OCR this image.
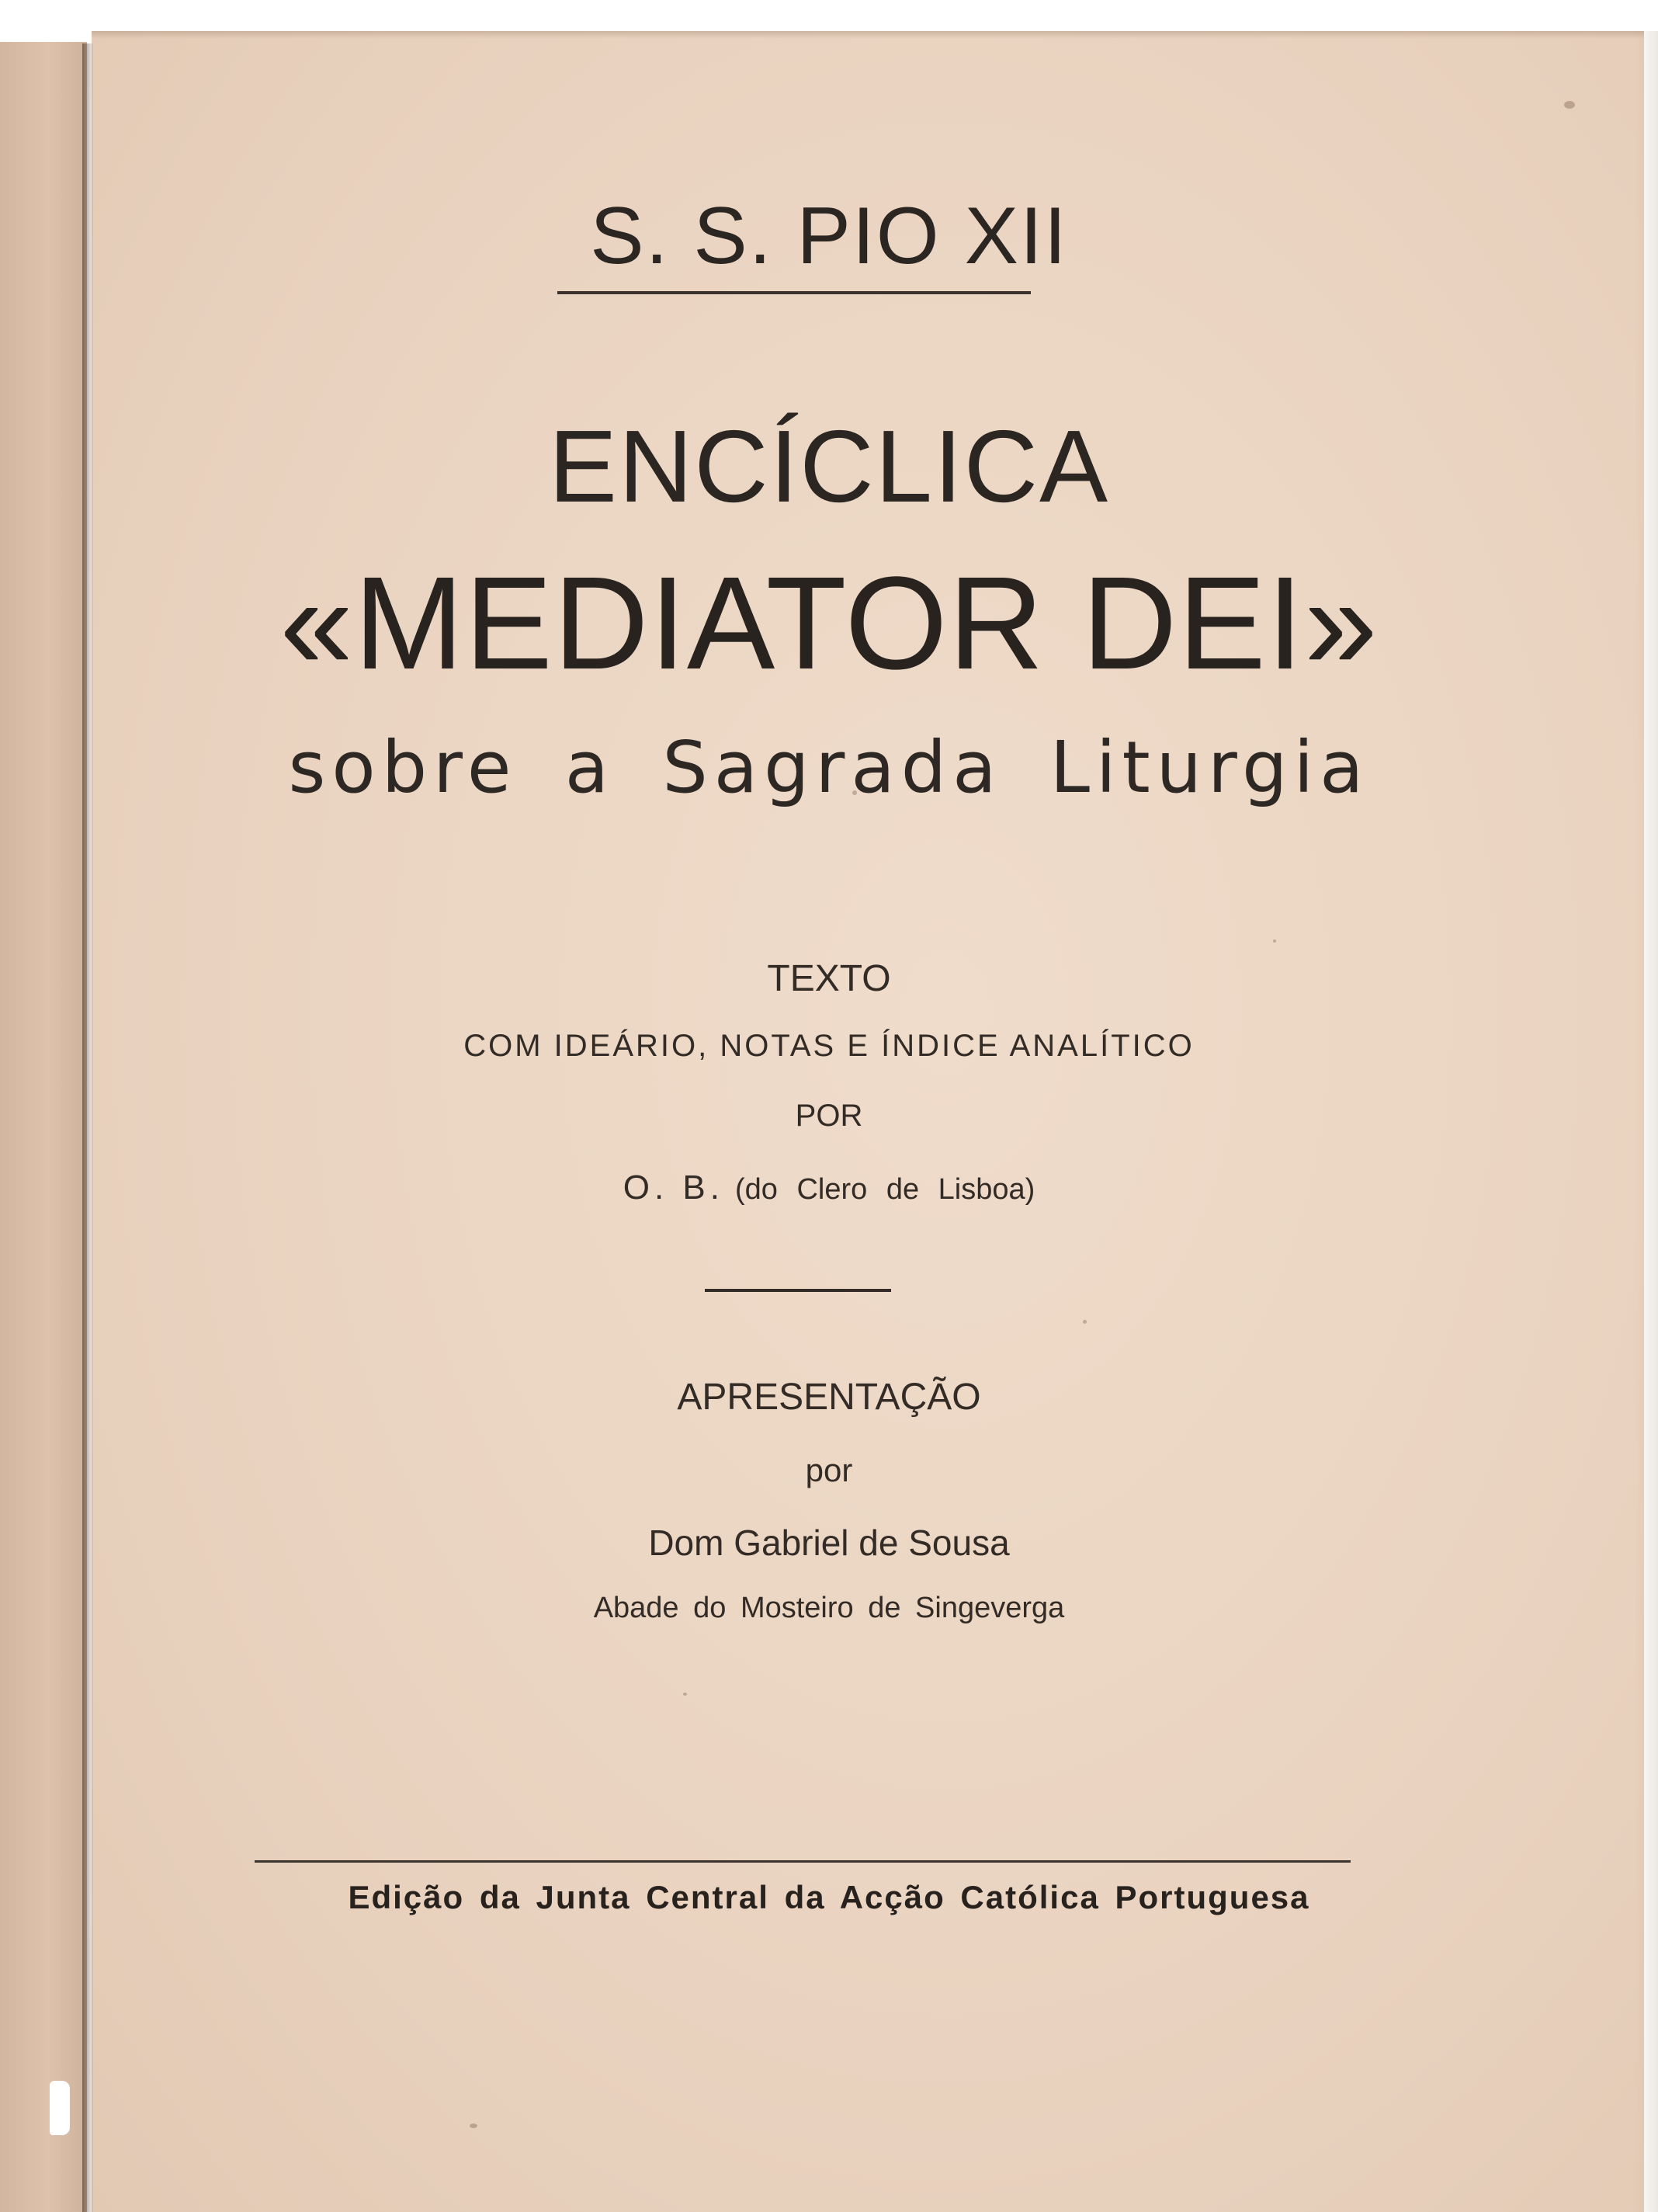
S. S. PIO XII
ENCÍCLICA
«MEDIATOR DEI»
sobre a Sagrada Liturgia
TEXTO
COM IDEÁRIO, NOTAS E ÍNDICE ANALÍTICO
POR
O. B. (do Clero de Lisboa)
APRESENTAÇÃO
por
Dom Gabriel de Sousa
Abade do Mosteiro de Singeverga
Edição da Junta Central da Acção Católica Portuguesa
